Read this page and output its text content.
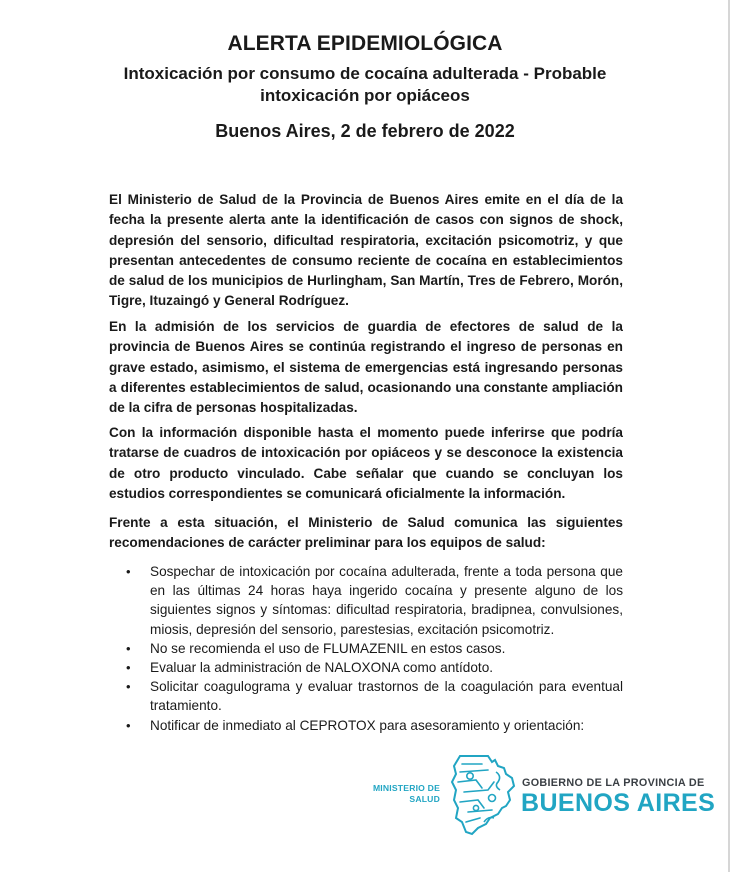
ALERTA EPIDEMIOLÓGICA
Intoxicación por consumo de cocaína adulterada - Probable intoxicación por opiáceos
Buenos Aires, 2 de febrero de 2022

El Ministerio de Salud de la Provincia de Buenos Aires emite en el día de la fecha la presente alerta ante la identificación de casos con signos de shock, depresión del sensorio, dificultad respiratoria, excitación psicomotriz, y que presentan antecedentes de consumo reciente de cocaína en establecimientos de salud de los municipios de Hurlingham, San Martín, Tres de Febrero, Morón, Tigre, Ituzaingó y General Rodríguez.

En la admisión de los servicios de guardia de efectores de salud de la provincia de Buenos Aires se continúa registrando el ingreso de personas en grave estado, asimismo, el sistema de emergencias está ingresando personas a diferentes establecimientos de salud, ocasionando una constante ampliación de la cifra de personas hospitalizadas.

Con la información disponible hasta el momento puede inferirse que podría tratarse de cuadros de intoxicación por opiáceos y se desconoce la existencia de otro producto vinculado. Cabe señalar que cuando se concluyan los estudios correspondientes se comunicará oficialmente la información.

Frente a esta situación, el Ministerio de Salud comunica las siguientes recomendaciones de carácter preliminar para los equipos de salud:

• Sospechar de intoxicación por cocaína adulterada, frente a toda persona que en las últimas 24 horas haya ingerido cocaína y presente alguno de los siguientes signos y síntomas: dificultad respiratoria, bradipnea, convulsiones, miosis, depresión del sensorio, parestesias, excitación psicomotriz.
• No se recomienda el uso de FLUMAZENIL en estos casos.
• Evaluar la administración de NALOXONA como antídoto.
• Solicitar coagulograma y evaluar trastornos de la coagulación para eventual tratamiento.
• Notificar de inmediato al CEPROTOX para asesoramiento y orientación:
MINISTERIO DE
SALUD
GOBIERNO DE LA PROVINCIA DE
BUENOS AIRES
